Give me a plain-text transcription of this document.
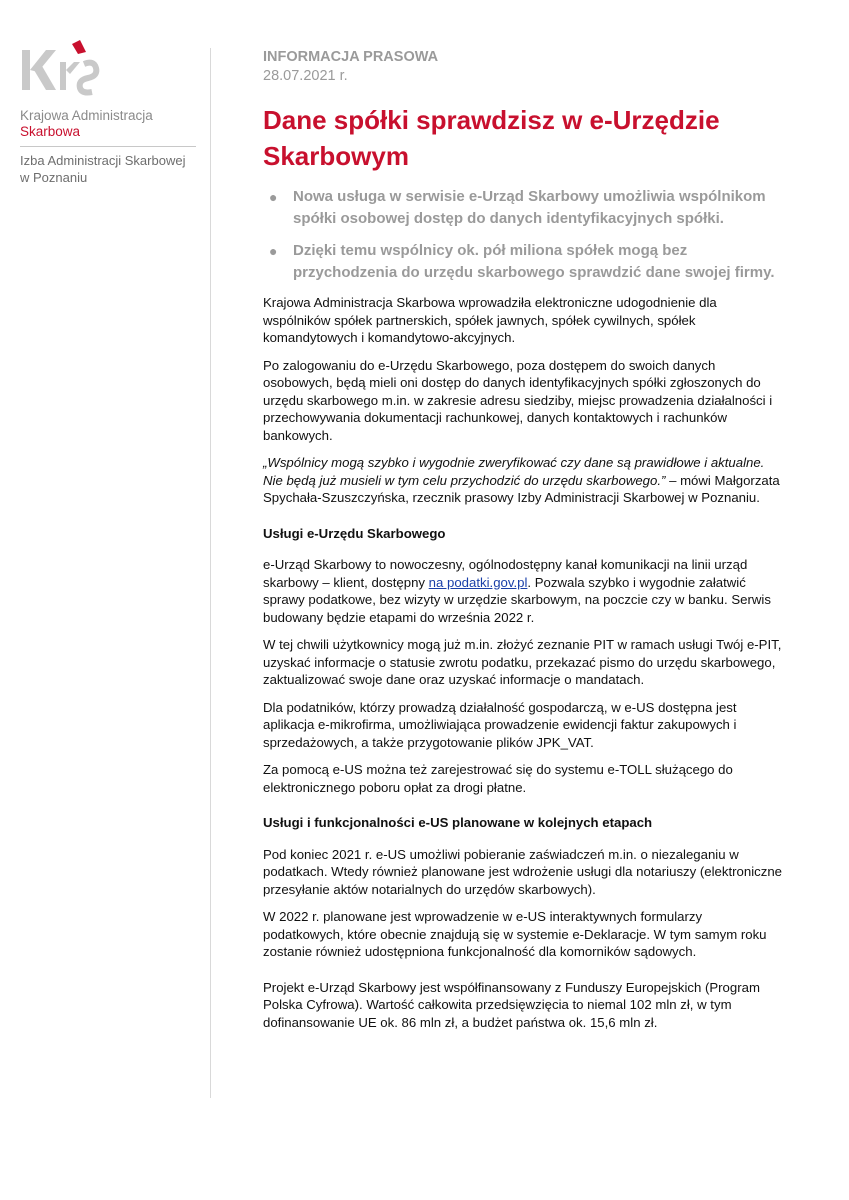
Krajowa Administracja
Skarbowa
Izba Administracji Skarbowej
w Poznaniu
INFORMACJA PRASOWA
28.07.2021 r.
Dane spółki sprawdzisz w e-Urzędzie Skarbowym
● Nowa usługa w serwisie e-Urząd Skarbowy umożliwia wspólnikom spółki osobowej dostęp do danych identyfikacyjnych spółki.
● Dzięki temu wspólnicy ok. pół miliona spółek mogą bez przychodzenia do urzędu skarbowego sprawdzić dane swojej firmy.

Krajowa Administracja Skarbowa wprowadziła elektroniczne udogodnienie dla wspólników spółek partnerskich, spółek jawnych, spółek cywilnych, spółek komandytowych i komandytowo-akcyjnych.

Po zalogowaniu do e-Urzędu Skarbowego, poza dostępem do swoich danych osobowych, będą mieli oni dostęp do danych identyfikacyjnych spółki zgłoszonych do urzędu skarbowego m.in. w zakresie adresu siedziby, miejsc prowadzenia działalności i przechowywania dokumentacji rachunkowej, danych kontaktowych i rachunków bankowych.

„Wspólnicy mogą szybko i wygodnie zweryfikować czy dane są prawidłowe i aktualne. Nie będą już musieli w tym celu przychodzić do urzędu skarbowego.” – mówi Małgorzata Spychała-Szuszczyńska, rzecznik prasowy Izby Administracji Skarbowej w Poznaniu.

Usługi e-Urzędu Skarbowego

e-Urząd Skarbowy to nowoczesny, ogólnodostępny kanał komunikacji na linii urząd skarbowy – klient, dostępny na podatki.gov.pl. Pozwala szybko i wygodnie załatwić sprawy podatkowe, bez wizyty w urzędzie skarbowym, na poczcie czy w banku. Serwis budowany będzie etapami do września 2022 r.

W tej chwili użytkownicy mogą już m.in. złożyć zeznanie PIT w ramach usługi Twój e-PIT, uzyskać informacje o statusie zwrotu podatku, przekazać pismo do urzędu skarbowego, zaktualizować swoje dane oraz uzyskać informacje o mandatach.

Dla podatników, którzy prowadzą działalność gospodarczą, w e-US dostępna jest aplikacja e-mikrofirma, umożliwiająca prowadzenie ewidencji faktur zakupowych i sprzedażowych, a także przygotowanie plików JPK_VAT.

Za pomocą e-US można też zarejestrować się do systemu e-TOLL służącego do elektronicznego poboru opłat za drogi płatne.

Usługi i funkcjonalności e-US planowane w kolejnych etapach

Pod koniec 2021 r. e-US umożliwi pobieranie zaświadczeń m.in. o niezaleganiu w podatkach. Wtedy również planowane jest wdrożenie usługi dla notariuszy (elektroniczne przesyłanie aktów notarialnych do urzędów skarbowych).

W 2022 r. planowane jest wprowadzenie w e-US interaktywnych formularzy podatkowych, które obecnie znajdują się w systemie e-Deklaracje. W tym samym roku zostanie również udostępniona funkcjonalność dla komorników sądowych.

Projekt e-Urząd Skarbowy jest współfinansowany z Funduszy Europejskich (Program Polska Cyfrowa). Wartość całkowita przedsięwzięcia to niemal 102 mln zł, w tym dofinansowanie UE ok. 86 mln zł, a budżet państwa ok. 15,6 mln zł.
